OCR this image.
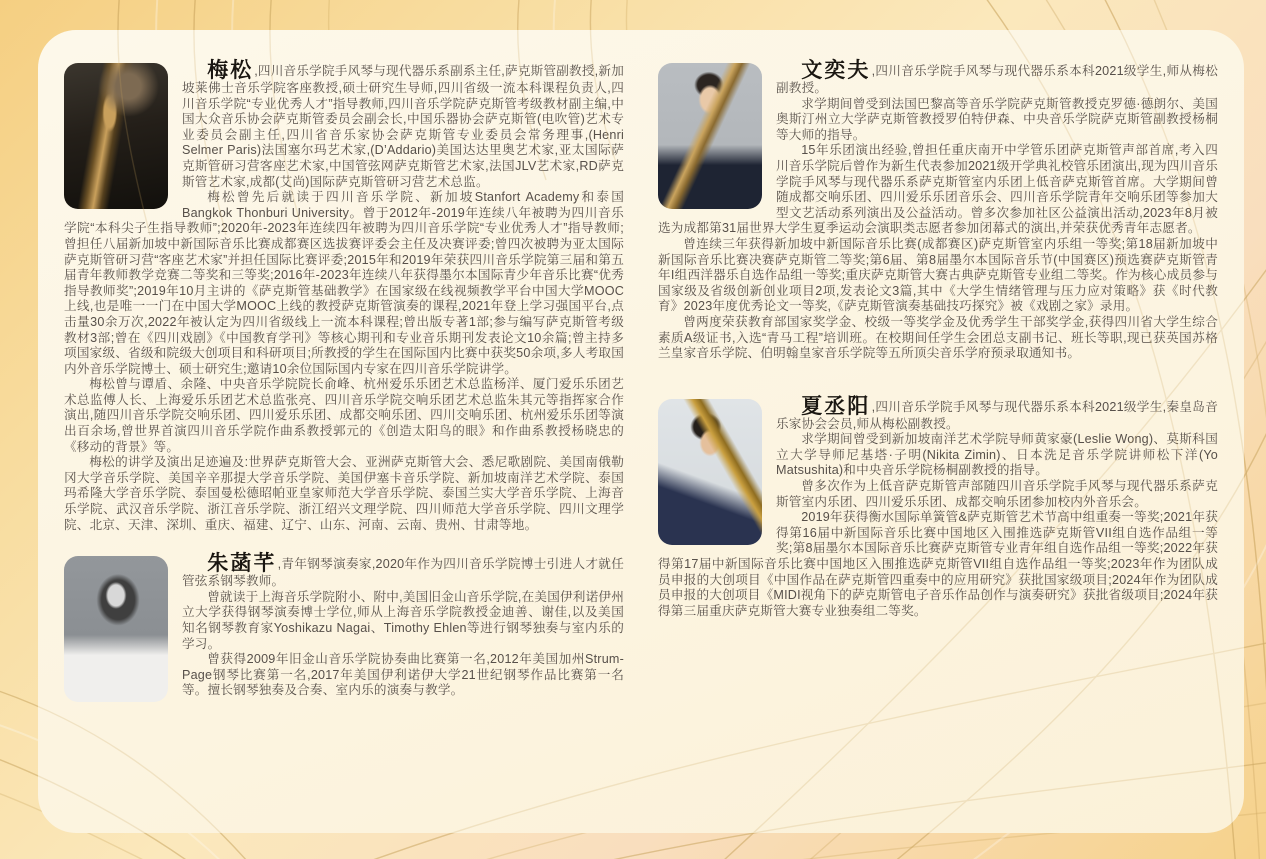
梅松,四川音乐学院手风琴与现代器乐系副系主任,萨克斯管副教授,新加坡莱佛士音乐学院客座教授,硕士研究生导师,四川省级一流本科课程负责人,四川音乐学院“专业优秀人才”指导教师,四川音乐学院萨克斯管考级教材副主编,中国大众音乐协会萨克斯管委员会副会长,中国乐器协会萨克斯管(电吹管)艺术专业委员会副主任,四川省音乐家协会萨克斯管专业委员会常务理事,(Henri Selmer Paris)法国塞尔玛艺术家,(D’Addario)美国达达里奥艺术家,亚太国际萨克斯管研习营客座艺术家,中国管弦网萨克斯管艺术家,法国JLV艺术家,RD萨克斯管艺术家,成都(艾尚)国际萨克斯管研习营艺术总监。

梅松曾先后就读于四川音乐学院、新加坡Stanfort Academy和泰国Bangkok Thonburi University。曾于2012年-2019年连续八年被聘为四川音乐学院“本科尖子生指导教师”;2020年-2023年连续四年被聘为四川音乐学院“专业优秀人才”指导教师;曾担任八届新加坡中新国际音乐比赛成都赛区选拔赛评委会主任及决赛评委;曾四次被聘为亚太国际萨克斯管研习营“客座艺术家”并担任国际比赛评委;2015年和2019年荣获四川音乐学院第三届和第五届青年教师教学竞赛二等奖和三等奖;2016年-2023年连续八年获得墨尔本国际青少年音乐比赛“优秀指导教师奖”;2019年10月主讲的《萨克斯管基础教学》在国家级在线视频教学平台中国大学MOOC上线,也是唯一一门在中国大学MOOC上线的教授萨克斯管演奏的课程,2021年登上学习强国平台,点击量30余万次,2022年被认定为四川省级线上一流本科课程;曾出版专著1部;参与编写萨克斯管考级教材3部;曾在《四川戏剧》《中国教育学刊》等核心期刊和专业音乐期刊发表论文10余篇;曾主持多项国家级、省级和院级大创项目和科研项目;所教授的学生在国际国内比赛中获奖50余项,多人考取国内外音乐学院博士、硕士研究生;邀请10余位国际国内专家在四川音乐学院讲学。

梅松曾与谭盾、余隆、中央音乐学院院长俞峰、杭州爱乐乐团艺术总监杨洋、厦门爱乐乐团艺术总监傅人长、上海爱乐乐团艺术总监张亮、四川音乐学院交响乐团艺术总监朱其元等指挥家合作演出,随四川音乐学院交响乐团、四川爱乐乐团、成都交响乐团、四川交响乐团、杭州爱乐乐团等演出百余场,曾世界首演四川音乐学院作曲系教授郭元的《创造太阳鸟的眼》和作曲系教授杨晓忠的《移动的背景》等。

梅松的讲学及演出足迹遍及:世界萨克斯管大会、亚洲萨克斯管大会、悉尼歌剧院、美国南俄勒冈大学音乐学院、美国辛辛那提大学音乐学院、美国伊塞卡音乐学院、新加坡南洋艺术学院、泰国玛希隆大学音乐学院、泰国曼松德昭帕亚皇家师范大学音乐学院、泰国兰实大学音乐学院、上海音乐学院、武汉音乐学院、浙江音乐学院、浙江绍兴文理学院、四川师范大学音乐学院、四川文理学院、北京、天津、深圳、重庆、福建、辽宁、山东、河南、云南、贵州、甘肃等地。

朱菡芊,青年钢琴演奏家,2020年作为四川音乐学院博士引进人才就任管弦系钢琴教师。

曾就读于上海音乐学院附小、附中,美国旧金山音乐学院,在美国伊利诺伊州立大学获得钢琴演奏博士学位,师从上海音乐学院教授金迪善、谢佳,以及美国知名钢琴教育家Yoshikazu Nagai、Timothy Ehlen等进行钢琴独奏与室内乐的学习。

曾获得2009年旧金山音乐学院协奏曲比赛第一名,2012年美国加州Strum-Page钢琴比赛第一名,2017年美国伊利诺伊大学21世纪钢琴作品比赛第一名等。擅长钢琴独奏及合奏、室内乐的演奏与教学。

文奕夫,四川音乐学院手风琴与现代器乐系本科2021级学生,师从梅松副教授。

求学期间曾受到法国巴黎高等音乐学院萨克斯管教授克罗德·德朗尔、美国奥斯汀州立大学萨克斯管教授罗伯特伊森、中央音乐学院萨克斯管副教授杨桐等大师的指导。

15年乐团演出经验,曾担任重庆南开中学管乐团萨克斯管声部首席,考入四川音乐学院后曾作为新生代表参加2021级开学典礼校管乐团演出,现为四川音乐学院手风琴与现代器乐系萨克斯管室内乐团上低音萨克斯管首席。大学期间曾随成都交响乐团、四川爱乐乐团音乐会、四川音乐学院青年交响乐团等参加大型文艺活动系列演出及公益活动。曾多次参加社区公益演出活动,2023年8月被选为成都第31届世界大学生夏季运动会演职类志愿者参加闭幕式的演出,并荣获优秀青年志愿者。

曾连续三年获得新加坡中新国际音乐比赛(成都赛区)萨克斯管室内乐组一等奖;第18届新加坡中新国际音乐比赛决赛萨克斯管二等奖;第6届、第8届墨尔本国际音乐节(中国赛区)预选赛萨克斯管青年I组西洋器乐自选作品组一等奖;重庆萨克斯管大赛古典萨克斯管专业组二等奖。作为核心成员参与国家级及省级创新创业项目2项,发表论文3篇,其中《大学生情绪管理与压力应对策略》获《时代教育》2023年度优秀论文一等奖,《萨克斯管演奏基础技巧探究》被《戏剧之家》录用。

曾两度荣获教育部国家奖学金、校级一等奖学金及优秀学生干部奖学金,获得四川省大学生综合素质A级证书,入选“青马工程”培训班。在校期间任学生会团总支副书记、班长等职,现已获英国苏格兰皇家音乐学院、伯明翰皇家音乐学院等五所顶尖音乐学府预录取通知书。

夏丞阳,四川音乐学院手风琴与现代器乐系本科2021级学生,秦皇岛音乐家协会会员,师从梅松副教授。

求学期间曾受到新加坡南洋艺术学院导师黄家豪(Leslie Wong)、莫斯科国立大学导师尼基塔·子明(Nikita Zimin)、日本洗足音乐学院讲师松下洋(Yo Matsushita)和中央音乐学院杨桐副教授的指导。

曾多次作为上低音萨克斯管声部随四川音乐学院手风琴与现代器乐系萨克斯管室内乐团、四川爱乐乐团、成都交响乐团参加校内外音乐会。

2019年获得衡水国际单簧管&萨克斯管艺术节高中组重奏一等奖;2021年获得第16届中新国际音乐比赛中国地区入围推选萨克斯管VII组自选作品组一等奖;第8届墨尔本国际音乐比赛萨克斯管专业青年组自选作品组一等奖;2022年获得第17届中新国际音乐比赛中国地区入围推选萨克斯管VII组自选作品组一等奖;2023年作为团队成员申报的大创项目《中国作品在萨克斯管四重奏中的应用研究》获批国家级项目;2024年作为团队成员申报的大创项目《MIDI视角下的萨克斯管电子音乐作品创作与演奏研究》获批省级项目;2024年获得第三届重庆萨克斯管大赛专业独奏组二等奖。
